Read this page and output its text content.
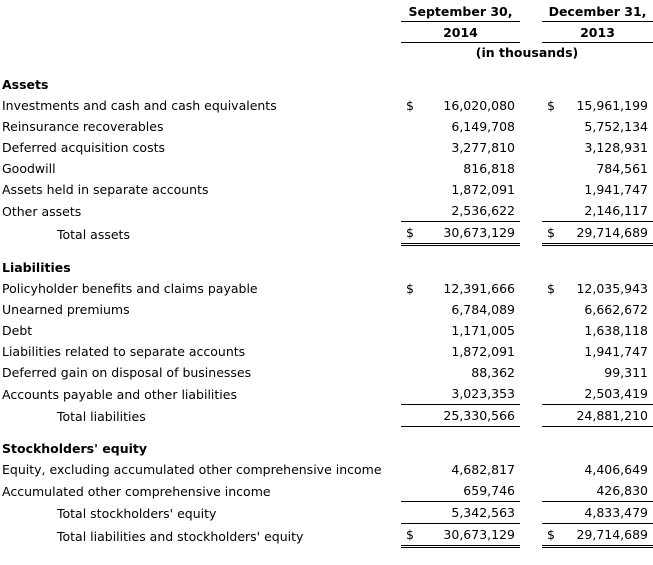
	September 30,			December 31,	
	2014			2013	
	(in thousands)				

Assets					
Investments and cash and cash equivalents	$	16,020,080		$	15,961,199
Reinsurance recoverables		6,149,708			5,752,134
Deferred acquisition costs		3,277,810			3,128,931
Goodwill		816,818			784,561
Assets held in separate accounts		1,872,091			1,941,747
Other assets		2,536,622			2,146,117
Total assets	$	30,673,129		$	29,714,689

Liabilities					
Policyholder benefits and claims payable	$	12,391,666		$	12,035,943
Unearned premiums		6,784,089			6,662,672
Debt		1,171,005			1,638,118
Liabilities related to separate accounts		1,872,091			1,941,747
Deferred gain on disposal of businesses		88,362			99,311
Accounts payable and other liabilities		3,023,353			2,503,419
Total liabilities		25,330,566			24,881,210

Stockholders' equity					
Equity, excluding accumulated other comprehensive income		4,682,817			4,406,649
Accumulated other comprehensive income		659,746			426,830
Total stockholders' equity		5,342,563			4,833,479
Total liabilities and stockholders' equity	$	30,673,129		$	29,714,689
